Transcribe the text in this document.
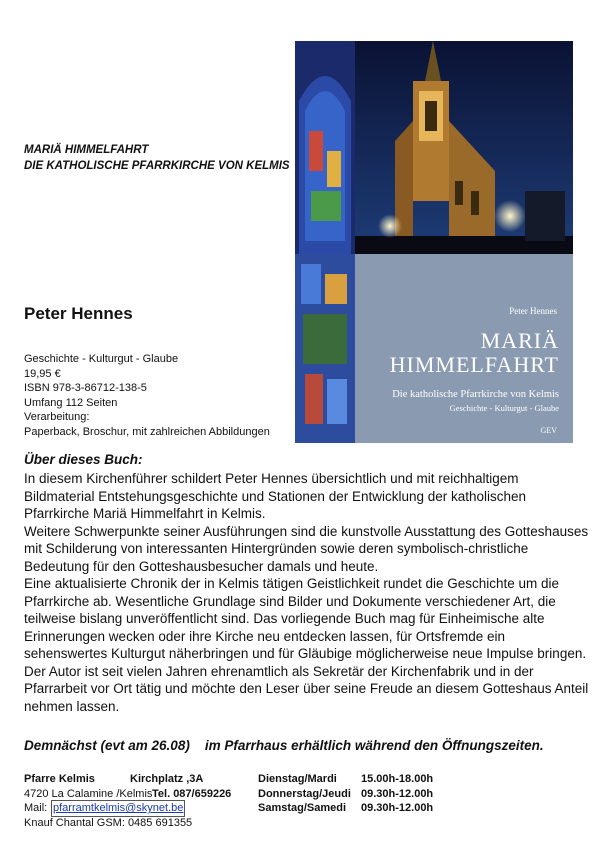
MARIÄ HIMMELFAHRT
DIE KATHOLISCHE PFARRKIRCHE VON KELMIS
Peter Hennes
Geschichte - Kulturgut - Glaube
19,95 €
ISBN 978-3-86712-138-5
Umfang 112 Seiten
Verarbeitung:
Paperback, Broschur, mit zahlreichen Abbildungen
Peter Hennes
MARIÄ
HIMMELFAHRT
Die katholische Pfarrkirche von Kelmis
Geschichte - Kulturgut - Glaube
GEV
Über dieses Buch:

In diesem Kirchenführer schildert Peter Hennes übersichtlich und mit reichhaltigem Bildmaterial Entstehungsgeschichte und Stationen der Entwicklung der katholischen Pfarrkirche Mariä Himmelfahrt in Kelmis.

Weitere Schwerpunkte seiner Ausführungen sind die kunstvolle Ausstattung des Gotteshauses mit Schilderung von interessanten Hintergründen sowie deren symbolisch-christliche Bedeutung für den Gotteshausbesucher damals und heute.

Eine aktualisierte Chronik der in Kelmis tätigen Geistlichkeit rundet die Geschichte um die Pfarrkirche ab. Wesentliche Grundlage sind Bilder und Dokumente verschiedener Art, die teilweise bislang unveröffentlicht sind. Das vorliegende Buch mag für Einheimische alte Erinnerungen wecken oder ihre Kirche neu entdecken lassen, für Ortsfremde ein sehenswertes Kulturgut näherbringen und für Gläubige möglicherweise neue Impulse bringen.

Der Autor ist seit vielen Jahren ehrenamtlich als Sekretär der Kirchenfabrik und in der Pfarrarbeit vor Ort tätig und möchte den Leser über seine Freude an diesem Gotteshaus Anteil nehmen lassen.

Demnächst (evt am 26.08)    im Pfarrhaus erhältlich während den Öffnungszeiten.
Pfarre Kelmis	Kirchplatz ,3A
4720 La Calamine /Kelmis Tel. 087/659226
Mail: pfarramtkelmis@skynet.be
Knauf Chantal GSM: 0485 691355
Dienstag/Mardi 15.00h-18.00h
Donnerstag/Jeudi 09.30h-12.00h
Samstag/Samedi 09.30h-12.00h
